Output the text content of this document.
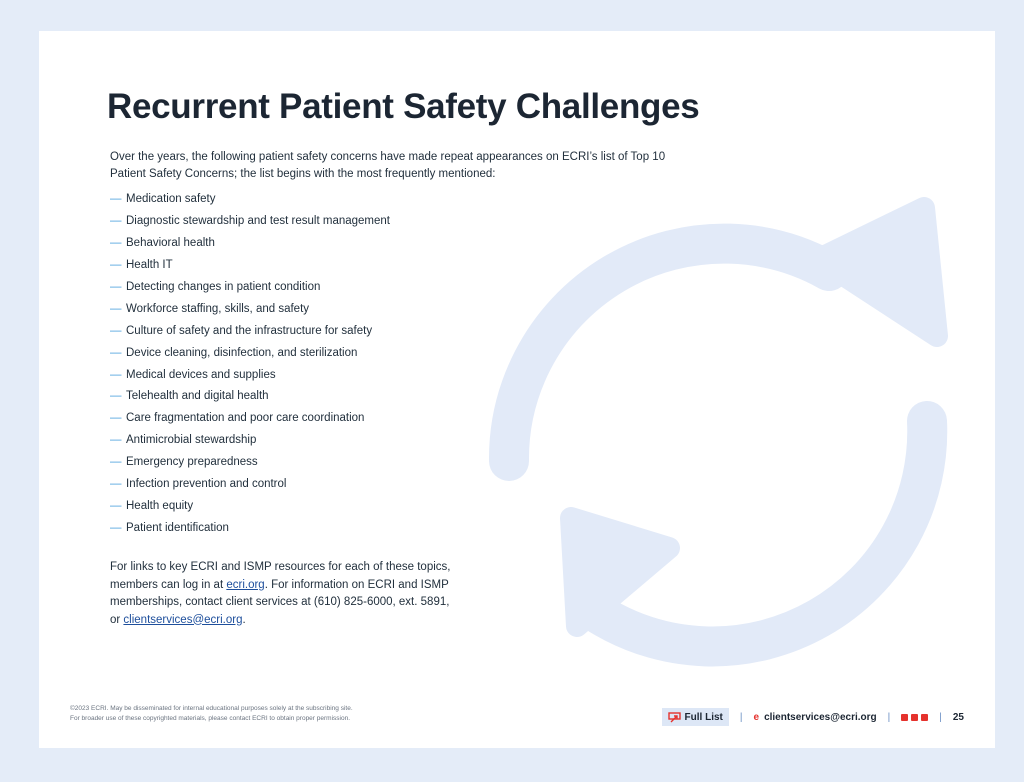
Recurrent Patient Safety Challenges

Over the years, the following patient safety concerns have made repeat appearances on ECRI’s list of Top 10 Patient Safety Concerns; the list begins with the most frequently mentioned:

— Medication safety
— Diagnostic stewardship and test result management
— Behavioral health
— Health IT
— Detecting changes in patient condition
— Workforce staffing, skills, and safety
— Culture of safety and the infrastructure for safety
— Device cleaning, disinfection, and sterilization
— Medical devices and supplies
— Telehealth and digital health
— Care fragmentation and poor care coordination
— Antimicrobial stewardship
— Emergency preparedness
— Infection prevention and control
— Health equity
— Patient identification

For links to key ECRI and ISMP resources for each of these topics, members can log in at ecri.org. For information on ECRI and ISMP memberships, contact client services at (610) 825-6000, ext. 5891, or clientservices@ecri.org.

©2023 ECRI. May be disseminated for internal educational purposes solely at the subscribing site.
For broader use of these copyrighted materials, please contact ECRI to obtain proper permission.	Full List | e clientservices@ecri.org |	| 25
